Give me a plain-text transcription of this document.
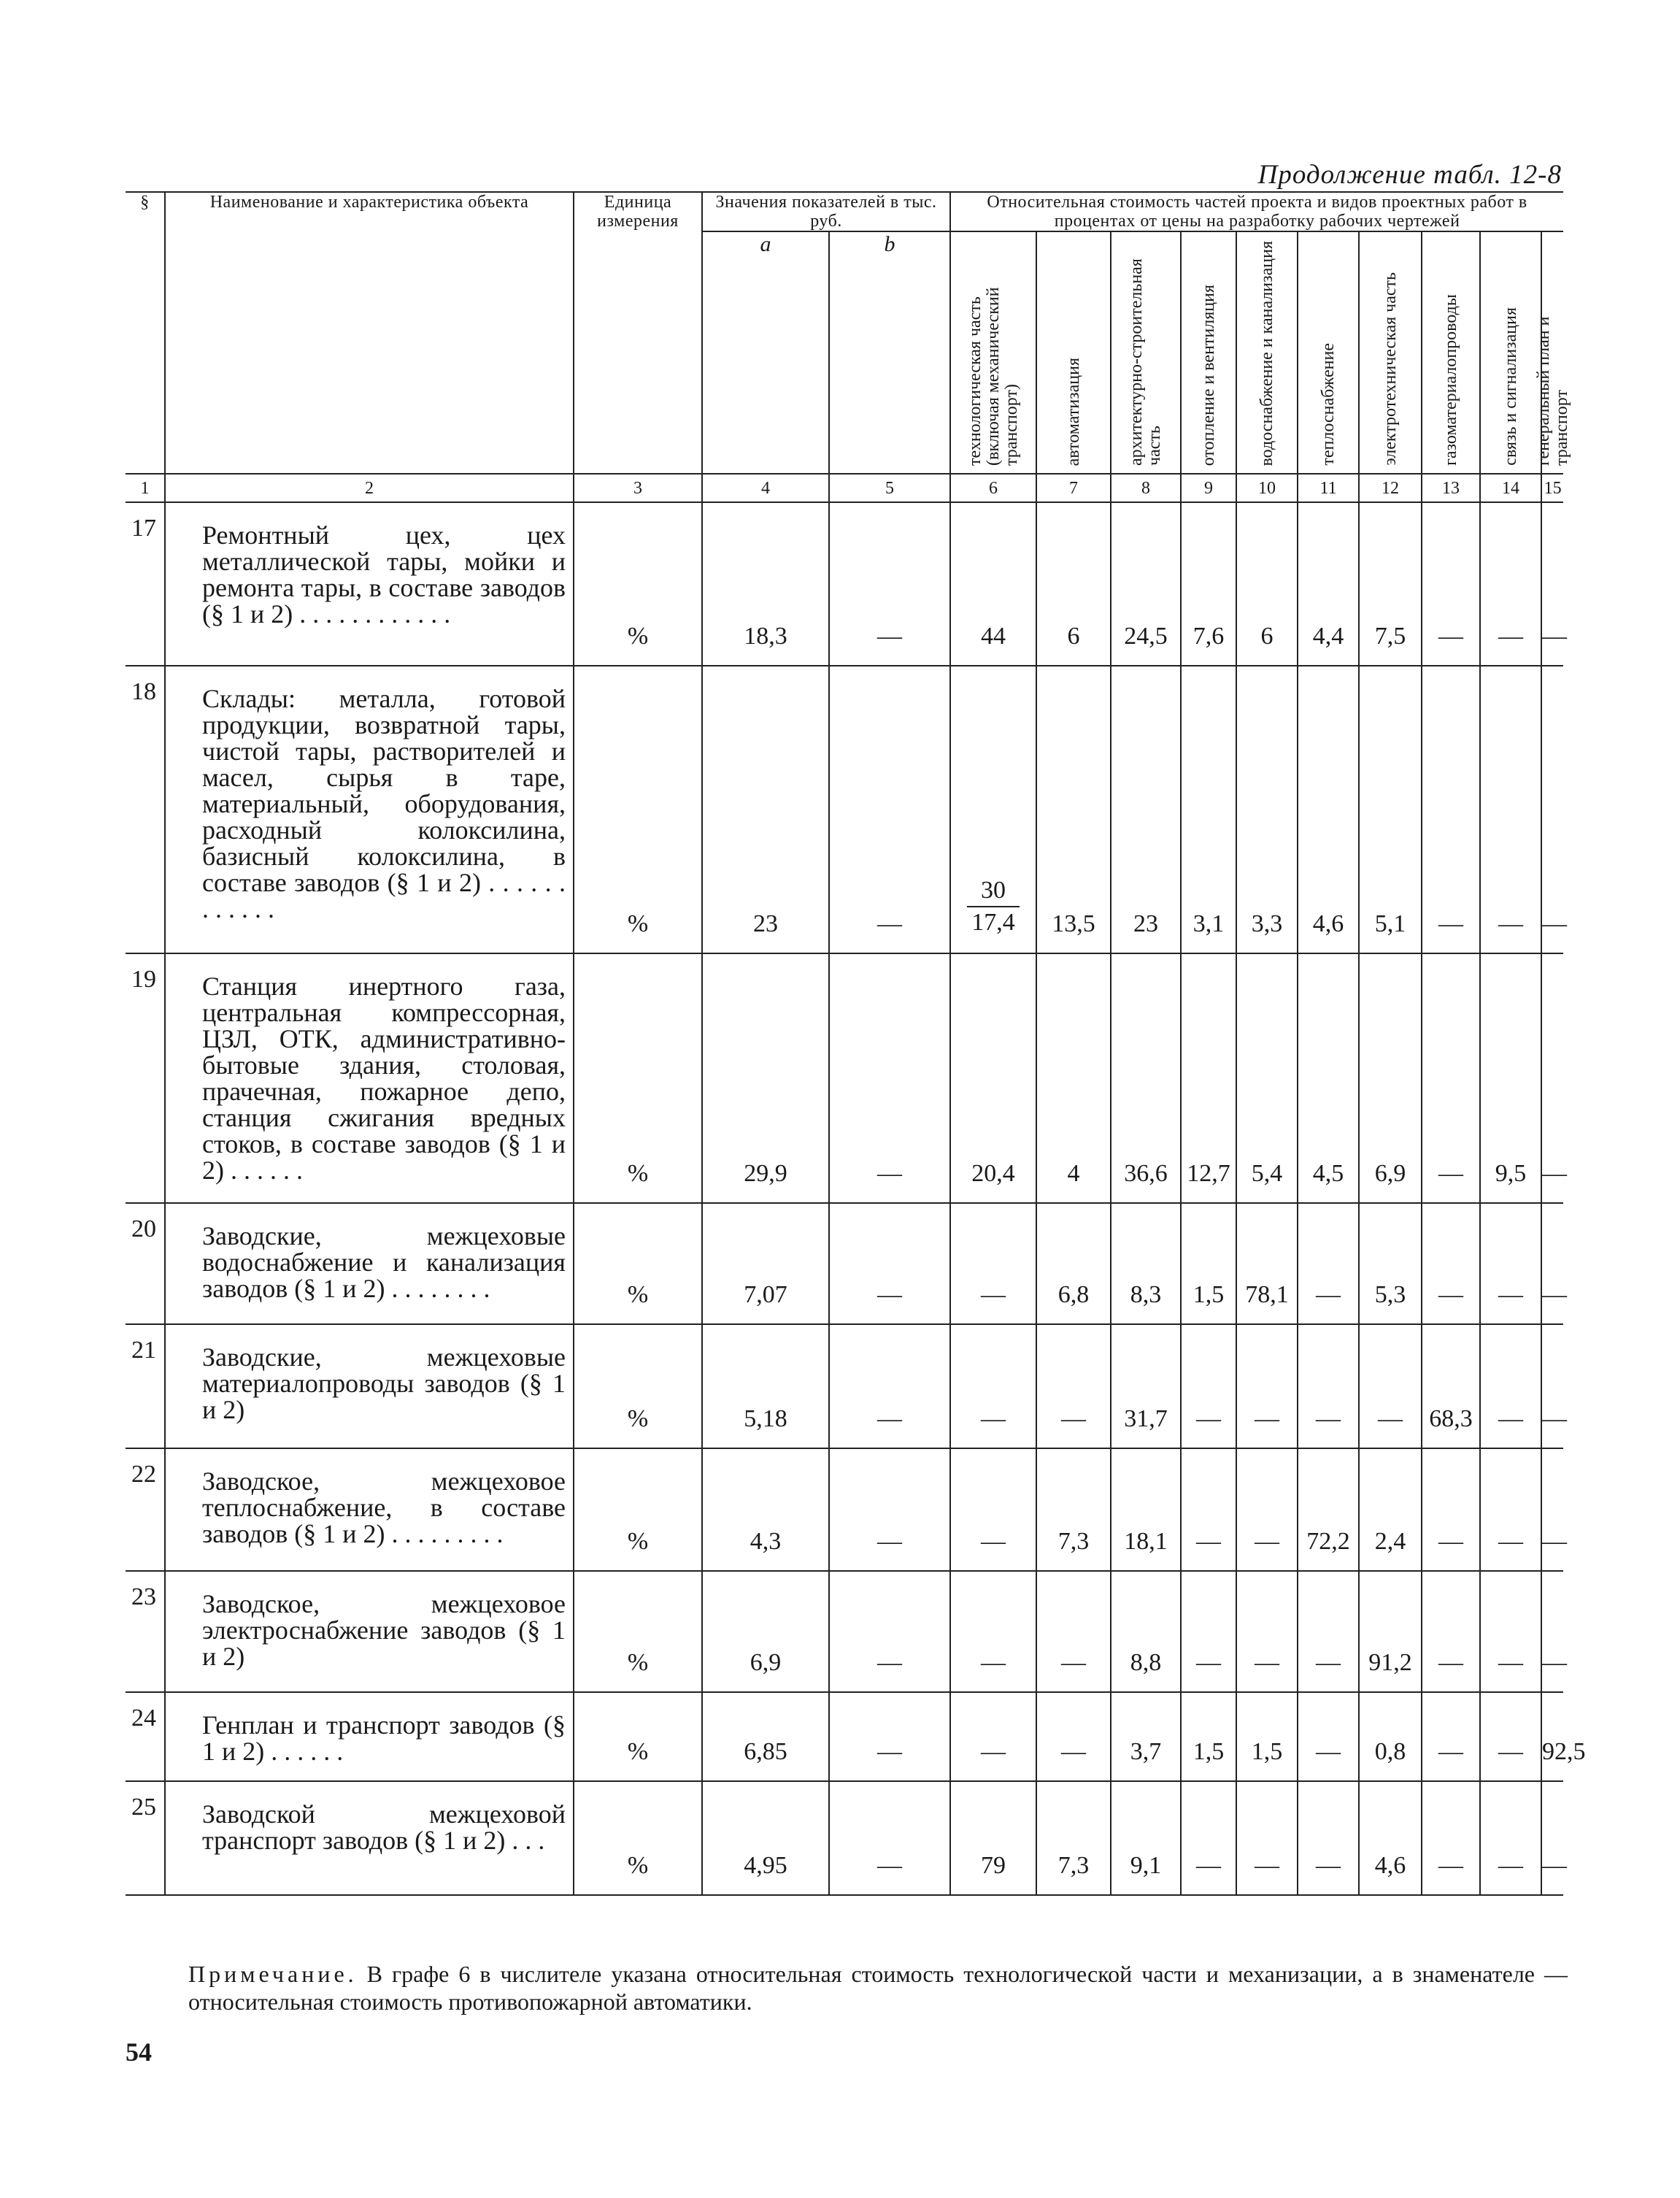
Продолжение табл. 12-8
§	Наименование и характеристика объекта	Единица измерения	Значения показателей в тыс. руб.		Относительная стоимость частей проекта и видов проектных работ в процентах от цены на разработку рабочих чертежей									
			a	b	технологическая часть (включая механический транспорт)	автоматизация	архитектурно-строительная часть	отопление и вентиляция	водоснабжение и канализация	теплоснабжение	электротехническая часть	газоматериалопроводы	связь и сигнализация	генеральный план и транспорт

1	2	3	4	5	6	7	8	9	10	11	12	13	14	15
17	Ремонтный цех, цех металлической тары, мойки и ремонта тары, в составе заводов (§ 1 и 2) . . . . . . . . . . . .	%	18,3	—	44	6	24,5	7,6	6	4,4	7,5	—	—	—
18	Склады: металла, готовой продукции, возвратной тары, чистой тары, растворителей и масел, сырья в таре, материальный, оборудования, расходный колоксилина, базисный колоксилина, в составе заводов (§ 1 и 2) . . . . . . . . . . . .	%	23	—	$\frac{30}{17,4}$	13,5	23	3,1	3,3	4,6	5,1	—	—	—
19	Станция инертного газа, центральная компрессорная, ЦЗЛ, ОТК, административно-бытовые здания, столовая, прачечная, пожарное депо, станция сжигания вредных стоков, в составе заводов (§ 1 и 2) . . . . . .	%	29,9	—	20,4	4	36,6	12,7	5,4	4,5	6,9	—	9,5	—
20	Заводские, межцеховые водоснабжение и канализация заводов (§ 1 и 2) . . . . . . . .	%	7,07	—	—	6,8	8,3	1,5	78,1	—	5,3	—	—	—
21	Заводские, межцеховые материалопроводы заводов (§ 1 и 2)	%	5,18	—	—	—	31,7	—	—	—	—	68,3	—	—
22	Заводское, межцеховое теплоснабжение, в составе заводов (§ 1 и 2) . . . . . . . . .	%	4,3	—	—	7,3	18,1	—	—	72,2	2,4	—	—	—
23	Заводское, межцеховое электроснабжение заводов (§ 1 и 2)	%	6,9	—	—	—	8,8	—	—	—	91,2	—	—	—
24	Генплан и транспорт заводов (§ 1 и 2) . . . . . .	%	6,85	—	—	—	3,7	1,5	1,5	—	0,8	—	—	92,5
25	Заводской межцеховой транспорт заводов (§ 1 и 2) . . .	%	4,95	—	79	7,3	9,1	—	—	—	4,6	—	—	—
Примечание. В графе 6 в числителе указана относительная стоимость технологической части и механизации, а в знаменателе — относительная стоимость противопожарной автоматики.
54
